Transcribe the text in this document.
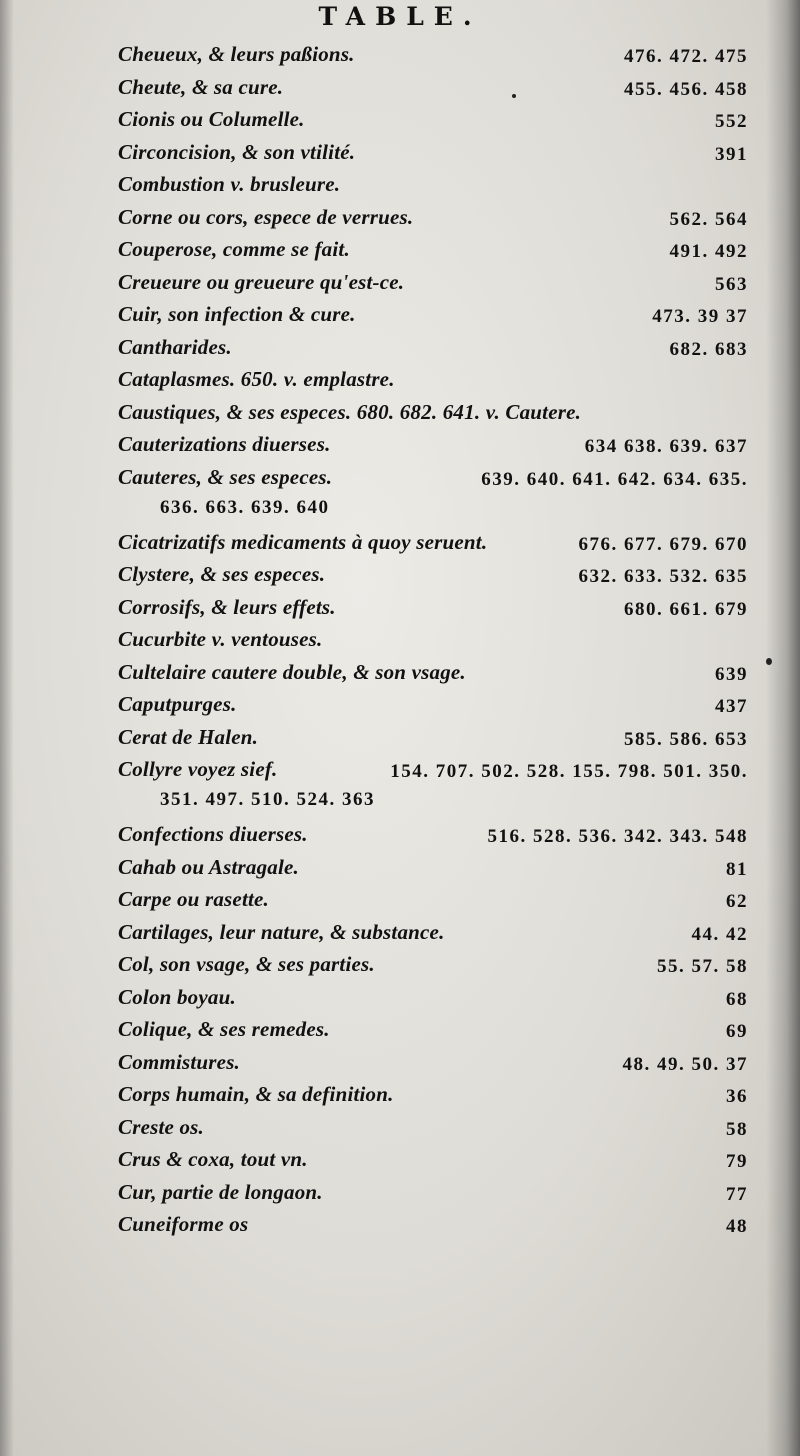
TABLE.
Cheueux, & leurs paßions.	476. 472. 475
Cheute, & sa cure.	455. 456. 458
Cionis ou Columelle.	552
Circoncision, & son vtilité.	391
Combustion v. brusleure.
Corne ou cors, espece de verrues.	562. 564
Couperose, comme se fait.	491. 492
Creueure ou greueure qu'est-ce.	563
Cuir, son infection & cure.	473. 39 37
Cantharides.	682. 683
Cataplasmes. 650. v. emplastre.
Caustiques, & ses especes. 680. 682. 641. v. Cautere.
Cauterizations diuerses.	634 638. 639. 637
Cauteres, & ses especes.	639. 640. 641. 642. 634. 635.
636. 663. 639. 640
Cicatrizatifs medicaments à quoy seruent.	676. 677. 679. 670
Clystere, & ses especes.	632. 633. 532. 635
Corrosifs, & leurs effets.	680. 661. 679
Cucurbite v. ventouses.
Cultelaire cautere double, & son vsage.	639
Caputpurges.	437
Cerat de Halen.	585. 586. 653
Collyre voyez sief.	154. 707. 502. 528. 155. 798. 501. 350.
351. 497. 510. 524. 363
Confections diuerses.	516. 528. 536. 342. 343. 548
Cahab ou Astragale.	81
Carpe ou rasette.	62
Cartilages, leur nature, & substance.	44. 42
Col, son vsage, & ses parties.	55. 57. 58
Colon boyau.	68
Colique, & ses remedes.	69
Commistures.	48. 49. 50. 37
Corps humain, & sa definition.	36
Creste os.	58
Crus & coxa, tout vn.	79
Cur, partie de longaon.	77
Cuneiforme os	48
